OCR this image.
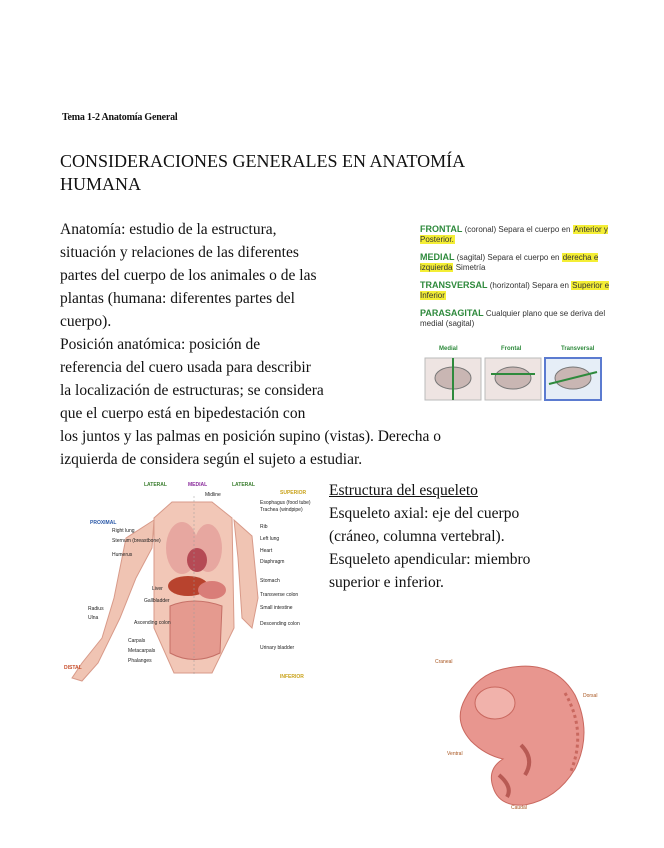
Tema 1-2 Anatomía General
CONSIDERACIONES GENERALES EN ANATOMÍA
HUMANA
Anatomía: estudio de la estructura,
situación y relaciones de las diferentes
partes del cuerpo de los animales o de las
plantas (humana: diferentes partes del
cuerpo).
Posición anatómica: posición de
referencia del cuero usada para describir
la localización de estructuras; se considera
que el cuerpo está en bipedestación con
los juntos y las palmas en posición supino (vistas). Derecha o
izquierda de considera según el sujeto a estudiar.
Estructura del esqueleto
Esqueleto axial: eje del cuerpo
(cráneo, columna vertebral).
Esqueleto apendicular: miembro
superior e inferior.
FRONTAL (coronal) Separa el cuerpo en Anterior y Posterior.
MEDIAL (sagital) Separa el cuerpo en derecha e izquierda Simetría
TRANSVERSAL (horizontal) Separa en Superior e Inferior
PARASAGITAL Cualquier plano que se deriva del medial (sagital)
Medial	Frontal	Transversal
LATERAL	MEDIAL	LATERAL
SUPERIOR
INFERIOR
PROXIMAL
DISTAL
Midline
Esophagus (food tube)
Trachea (windpipe)
Rib
Left lung
Heart
Diaphragm
Stomach
Transverse colon
Small intestine
Descending colon
Urinary bladder
Right lung
Sternum (breastbone)
Humerus
Liver
Gallbladder
Radius
Ulna
Ascending colon
Carpals
Metacarpals
Phalanges	Craneal
Dorsal
Ventral
Caudal
